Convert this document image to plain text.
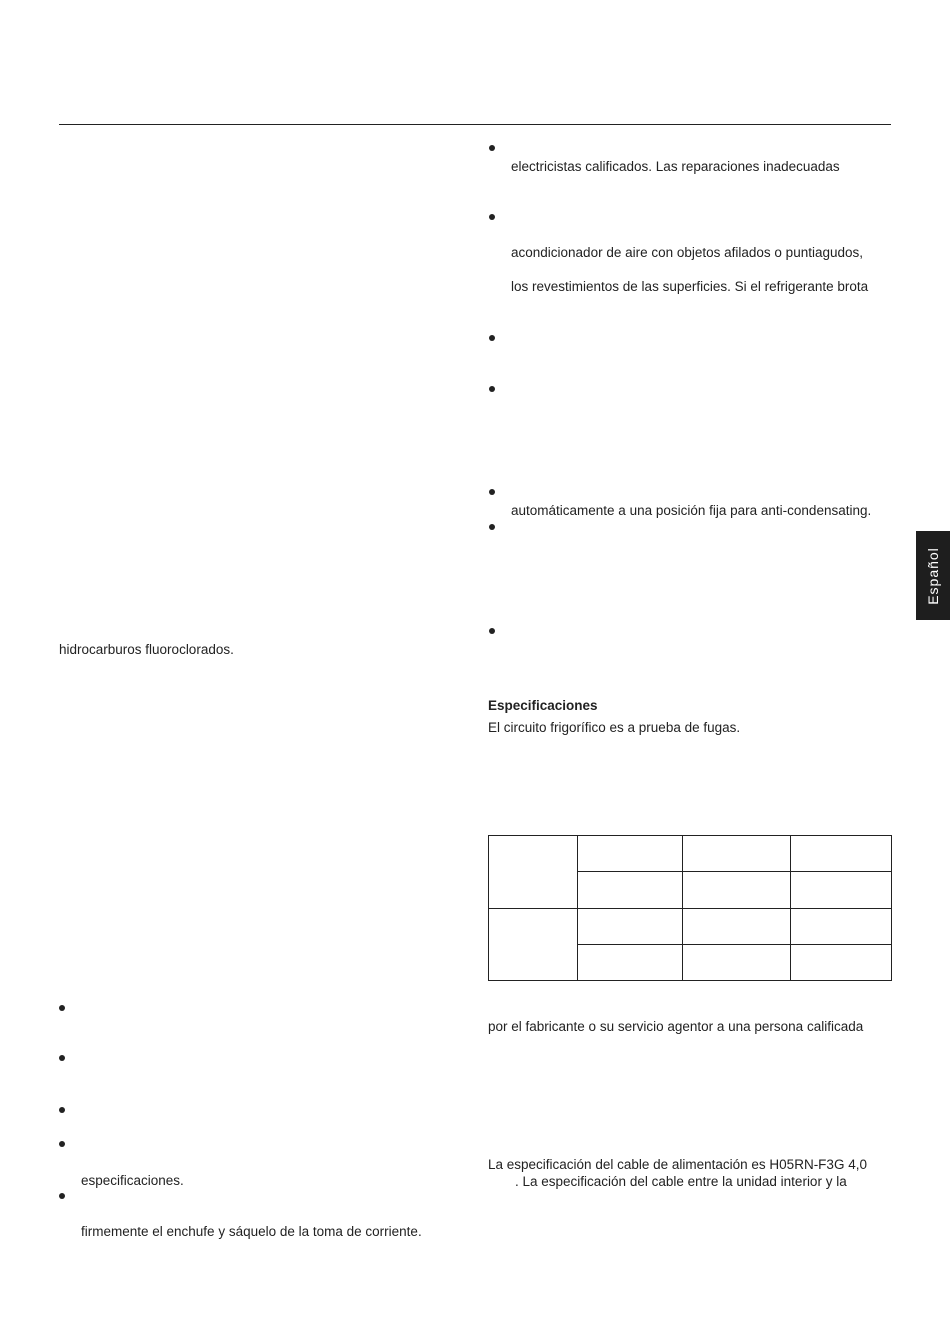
Español
hidrocarburos fluoroclorados.
especificaciones.
firmemente el enchufe y sáquelo de la toma de corriente.
electricistas calificados. Las reparaciones inadecuadas
acondicionador de aire con objetos afilados o puntiagudos,
los revestimientos de las superficies. Si el refrigerante brota
automáticamente a una posición fija para anti-condensating.
Especificaciones
El circuito frigorífico es a prueba de fugas.

por el fabricante o su servicio agentor a una persona calificada
La especificación del cable de alimentación es H05RN-F3G 4,0
. La especificación del cable entre la unidad interior y la
